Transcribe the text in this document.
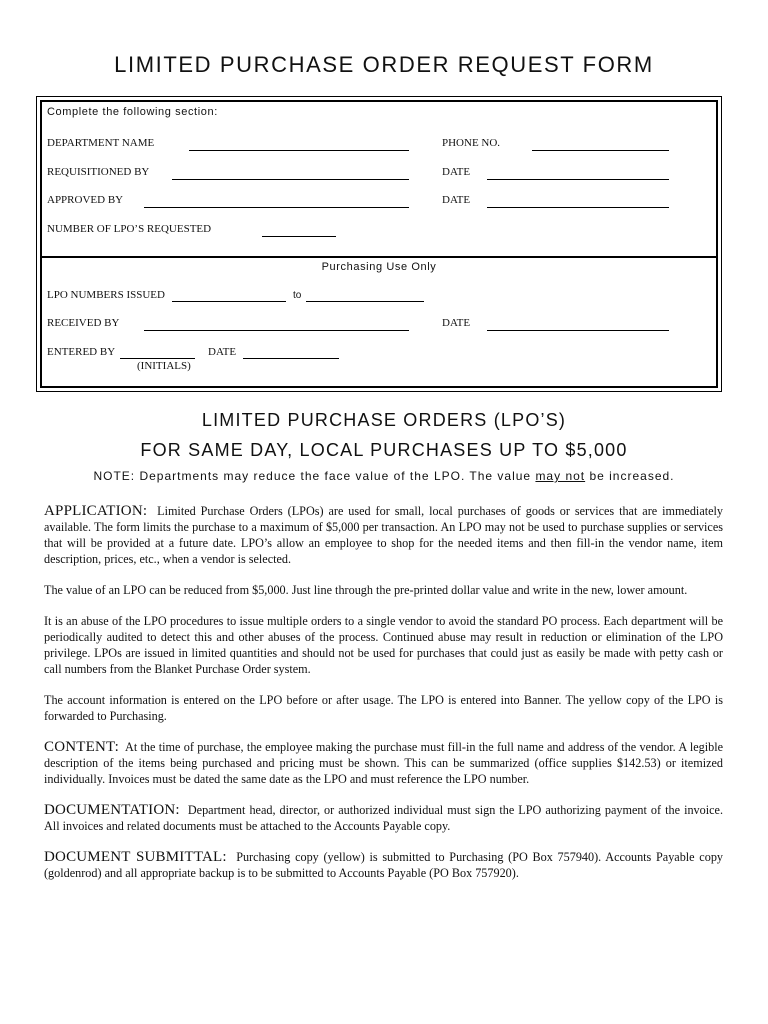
LIMITED PURCHASE ORDER REQUEST FORM
Complete the following section:
DEPARTMENT NAME	PHONE NO.
REQUISITIONED BY	DATE
APPROVED BY	DATE
NUMBER OF LPO’S REQUESTED
Purchasing Use Only
LPO NUMBERS ISSUED	to
RECEIVED BY	DATE
ENTERED BY	DATE
(INITIALS)
LIMITED PURCHASE ORDERS (LPO’S)
FOR SAME DAY, LOCAL PURCHASES UP TO $5,000
NOTE: Departments may reduce the face value of the LPO. The value may not be increased.

APPLICATION: Limited Purchase Orders (LPOs) are used for small, local purchases of goods or services that are immediately available. The form limits the purchase to a maximum of $5,000 per transaction. An LPO may not be used to purchase supplies or services that will be provided at a future date. LPO’s allow an employee to shop for the needed items and then fill-in the vendor name, item description, prices, etc., when a vendor is selected.

The value of an LPO can be reduced from $5,000. Just line through the pre-printed dollar value and write in the new, lower amount.

It is an abuse of the LPO procedures to issue multiple orders to a single vendor to avoid the standard PO process. Each department will be periodically audited to detect this and other abuses of the process. Continued abuse may result in reduction or elimination of the LPO privilege. LPOs are issued in limited quantities and should not be used for purchases that could just as easily be made with petty cash or call numbers from the Blanket Purchase Order system.

The account information is entered on the LPO before or after usage. The LPO is entered into Banner. The yellow copy of the LPO is forwarded to Purchasing.

CONTENT: At the time of purchase, the employee making the purchase must fill-in the full name and address of the vendor. A legible description of the items being purchased and pricing must be shown. This can be summarized (office supplies $142.53) or itemized individually. Invoices must be dated the same date as the LPO and must reference the LPO number.

DOCUMENTATION: Department head, director, or authorized individual must sign the LPO authorizing payment of the invoice. All invoices and related documents must be attached to the Accounts Payable copy.

DOCUMENT SUBMITTAL: Purchasing copy (yellow) is submitted to Purchasing (PO Box 757940). Accounts Payable copy (goldenrod) and all appropriate backup is to be submitted to Accounts Payable (PO Box 757920).
